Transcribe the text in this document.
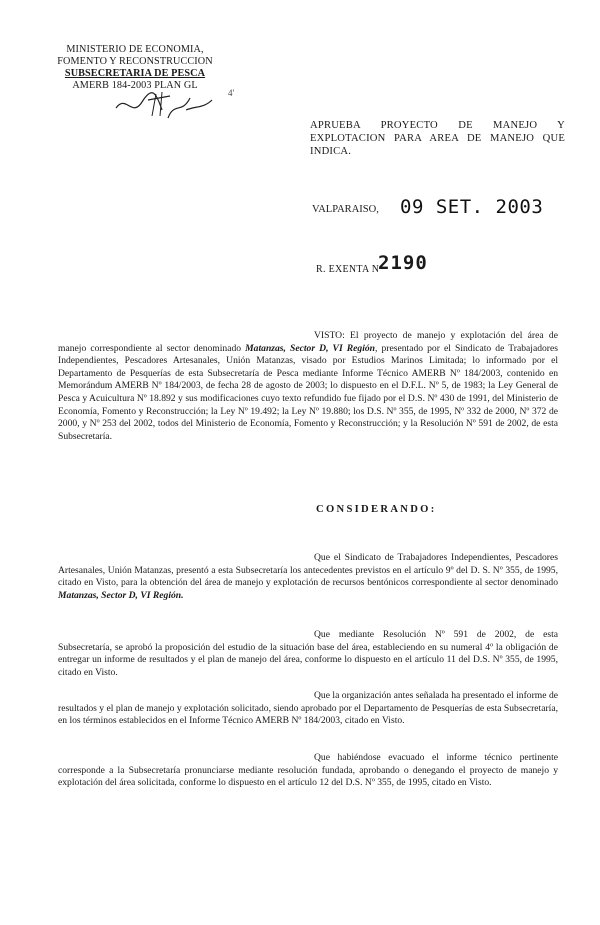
MINISTERIO DE ECONOMIA,
FOMENTO Y RECONSTRUCCION
SUBSECRETARIA DE PESCA
AMERB 184-2003 PLAN GL
4'
APRUEBA PROYECTO DE MANEJO Y EXPLOTACION PARA AREA DE MANEJO QUE INDICA.
VALPARAISO, 09 SET. 2003
R. EXENTA Nº
2190
VISTO: El proyecto de manejo y explotación del área de manejo correspondiente al sector denominado Matanzas, Sector D, VI Región, presentado por el Sindicato de Trabajadores Independientes, Pescadores Artesanales, Unión Matanzas, visado por Estudios Marinos Limitada; lo informado por el Departamento de Pesquerías de esta Subsecretaría de Pesca mediante Informe Técnico AMERB Nº 184/2003, contenido en Memorándum AMERB Nº 184/2003, de fecha 28 de agosto de 2003; lo dispuesto en el D.F.L. Nº 5, de 1983; la Ley General de Pesca y Acuicultura Nº 18.892 y sus modificaciones cuyo texto refundido fue fijado por el D.S. Nº 430 de 1991, del Ministerio de Economía, Fomento y Reconstrucción; la Ley Nº 19.492; la Ley Nº 19.880; los D.S. Nº 355, de 1995, Nº 332 de 2000, Nº 372 de 2000, y Nº 253 del 2002, todos del Ministerio de Economía, Fomento y Reconstrucción; y la Resolución Nº 591 de 2002, de esta Subsecretaría.
CONSIDERANDO:
Que el Sindicato de Trabajadores Independientes, Pescadores Artesanales, Unión Matanzas, presentó a esta Subsecretaría los antecedentes previstos en el artículo 9º del D. S. Nº 355, de 1995, citado en Visto, para la obtención del área de manejo y explotación de recursos bentónicos correspondiente al sector denominado Matanzas, Sector D, VI Región.
Que mediante Resolución Nº 591 de 2002, de esta Subsecretaría, se aprobó la proposición del estudio de la situación base del área, estableciendo en su numeral 4º la obligación de entregar un informe de resultados y el plan de manejo del área, conforme lo dispuesto en el artículo 11 del D.S. Nº 355, de 1995, citado en Visto.
Que la organización antes señalada ha presentado el informe de resultados y el plan de manejo y explotación solicitado, siendo aprobado por el Departamento de Pesquerías de esta Subsecretaría, en los términos establecidos en el Informe Técnico AMERB Nº 184/2003, citado en Visto.
Que habiéndose evacuado el informe técnico pertinente corresponde a la Subsecretaría pronunciarse mediante resolución fundada, aprobando o denegando el proyecto de manejo y explotación del área solicitada, conforme lo dispuesto en el artículo 12 del D.S. Nº 355, de 1995, citado en Visto.
